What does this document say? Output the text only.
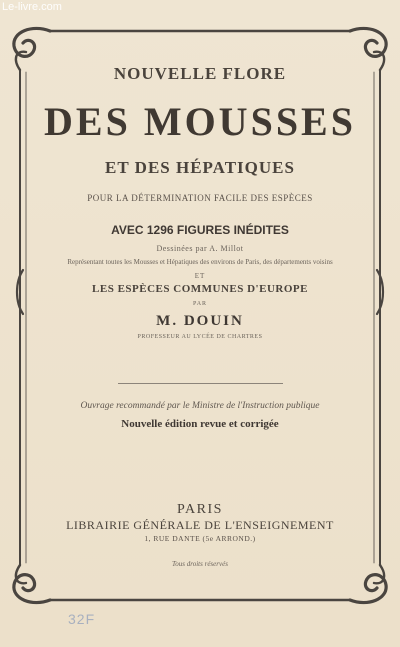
NOUVELLE FLORE
DES MOUSSES
ET DES HÉPATIQUES
POUR LA DÉTERMINATION FACILE DES ESPÈCES
AVEC 1296 FIGURES INÉDITES
Dessinées par A. Millot
Représentant toutes les Mousses et Hépatiques des environs de Paris, des départements voisins
ET
LES ESPÈCES COMMUNES D'EUROPE
PAR
M. DOUIN
PROFESSEUR AU LYCÉE DE CHARTRES
Ouvrage recommandé par le Ministre de l'Instruction publique
Nouvelle édition revue et corrigée
PARIS
LIBRAIRIE GÉNÉRALE DE L'ENSEIGNEMENT
1, RUE DANTE (5e ARROND.)
Tous droits réservés
32F
Le-livre.com
